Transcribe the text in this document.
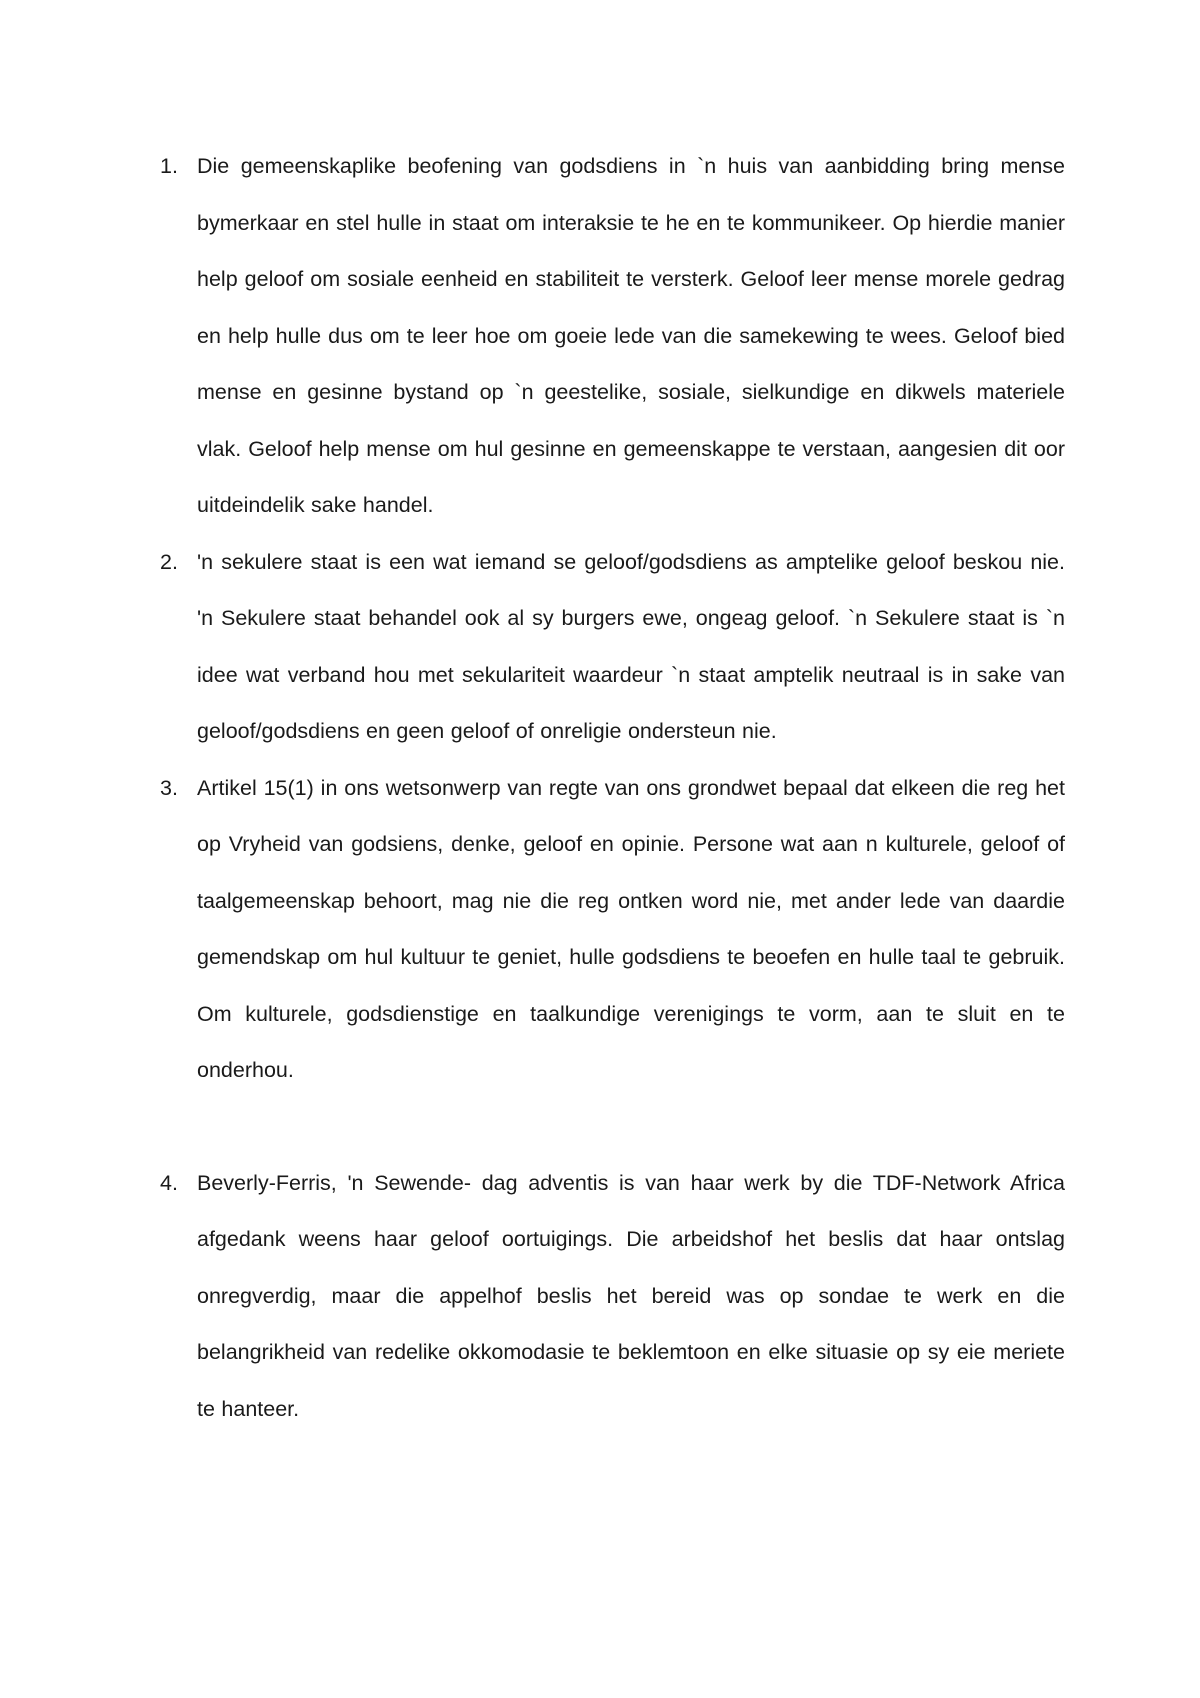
1. Die gemeenskaplike beofening van godsdiens in `n huis van aanbidding bring mense bymerkaar en stel hulle in staat om interaksie te he en te kommunikeer. Op hierdie manier help geloof om sosiale eenheid en stabiliteit te versterk. Geloof leer mense morele gedrag en help hulle dus om te leer hoe om goeie lede van die samekewing te wees. Geloof bied mense en gesinne bystand op `n geestelike, sosiale, sielkundige en dikwels materiele vlak. Geloof help mense om hul gesinne en gemeenskappe te verstaan, aangesien dit oor uitdeindelik sake handel.
2. 'n sekulere staat is een wat iemand se geloof/godsdiens as amptelike geloof beskou nie. 'n Sekulere staat behandel ook al sy burgers ewe, ongeag geloof. `n Sekulere staat is `n idee wat verband hou met sekulariteit waardeur `n staat amptelik neutraal is in sake van geloof/godsdiens en geen geloof of onreligie ondersteun nie.
3. Artikel 15(1) in ons wetsonwerp van regte van ons grondwet bepaal dat elkeen die reg het op Vryheid van godsiens, denke, geloof en opinie. Persone wat aan n kulturele, geloof of taalgemeenskap behoort, mag nie die reg ontken word nie, met ander lede van daardie gemendskap om hul kultuur te geniet, hulle godsdiens te beoefen en hulle taal te gebruik. Om kulturele, godsdienstige en taalkundige verenigings te vorm, aan te sluit en te onderhou.
4. Beverly-Ferris, 'n Sewende- dag adventis is van haar werk by die TDF-Network Africa afgedank weens haar geloof oortuigings. Die arbeidshof het beslis dat haar ontslag onregverdig, maar die appelhof beslis het bereid was op sondae te werk en die belangrikheid van redelike okkomodasie te beklemtoon en elke situasie op sy eie meriete te hanteer.
